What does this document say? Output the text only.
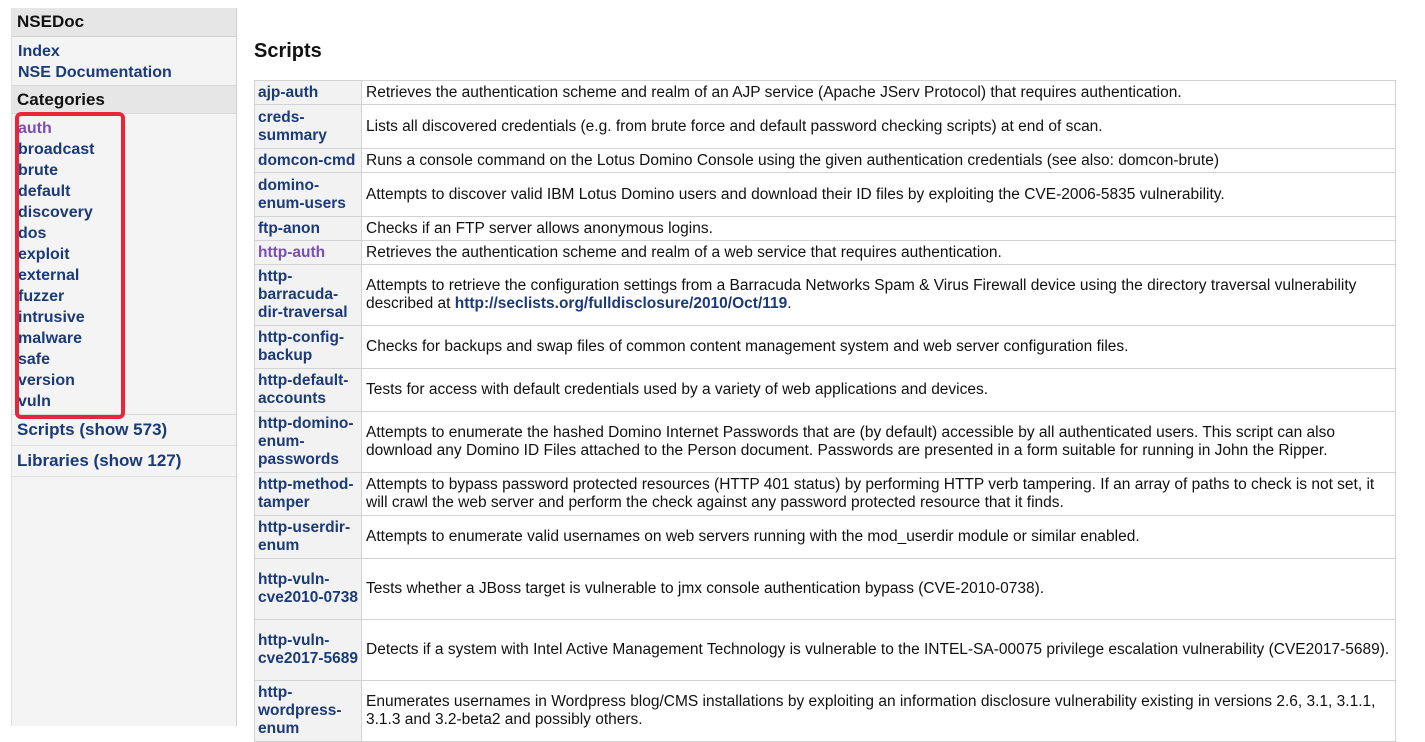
NSEDoc
Index
NSE Documentation
Categories
auth
broadcast
brute
default
discovery
dos
exploit
external
fuzzer
intrusive
malware
safe
version
vuln
Scripts (show 573)
Libraries (show 127)
Scripts
ajp-auth	Retrieves the authentication scheme and realm of an AJP service (Apache JServ Protocol) that requires authentication.
creds-summary	Lists all discovered credentials (e.g. from brute force and default password checking scripts) at end of scan.
domcon-cmd	Runs a console command on the Lotus Domino Console using the given authentication credentials (see also: domcon-brute)
domino-enum-users	Attempts to discover valid IBM Lotus Domino users and download their ID files by exploiting the CVE-2006-5835 vulnerability.
ftp-anon	Checks if an FTP server allows anonymous logins.
http-auth	Retrieves the authentication scheme and realm of a web service that requires authentication.
http-barracuda-dir-traversal	Attempts to retrieve the configuration settings from a Barracuda Networks Spam & Virus Firewall device using the directory traversal vulnerability described at http://seclists.org/fulldisclosure/2010/Oct/119.
http-config-backup	Checks for backups and swap files of common content management system and web server configuration files.
http-default-accounts	Tests for access with default credentials used by a variety of web applications and devices.
http-domino-enum-passwords	Attempts to enumerate the hashed Domino Internet Passwords that are (by default) accessible by all authenticated users. This script can also download any Domino ID Files attached to the Person document. Passwords are presented in a form suitable for running in John the Ripper.
http-method-tamper	Attempts to bypass password protected resources (HTTP 401 status) by performing HTTP verb tampering. If an array of paths to check is not set, it will crawl the web server and perform the check against any password protected resource that it finds.
http-userdir-enum	Attempts to enumerate valid usernames on web servers running with the mod_userdir module or similar enabled.
http-vuln-cve2010-0738	Tests whether a JBoss target is vulnerable to jmx console authentication bypass (CVE-2010-0738).
http-vuln-cve2017-5689	Detects if a system with Intel Active Management Technology is vulnerable to the INTEL-SA-00075 privilege escalation vulnerability (CVE2017-5689).
http-wordpress-enum	Enumerates usernames in Wordpress blog/CMS installations by exploiting an information disclosure vulnerability existing in versions 2.6, 3.1, 3.1.1, 3.1.3 and 3.2-beta2 and possibly others.
